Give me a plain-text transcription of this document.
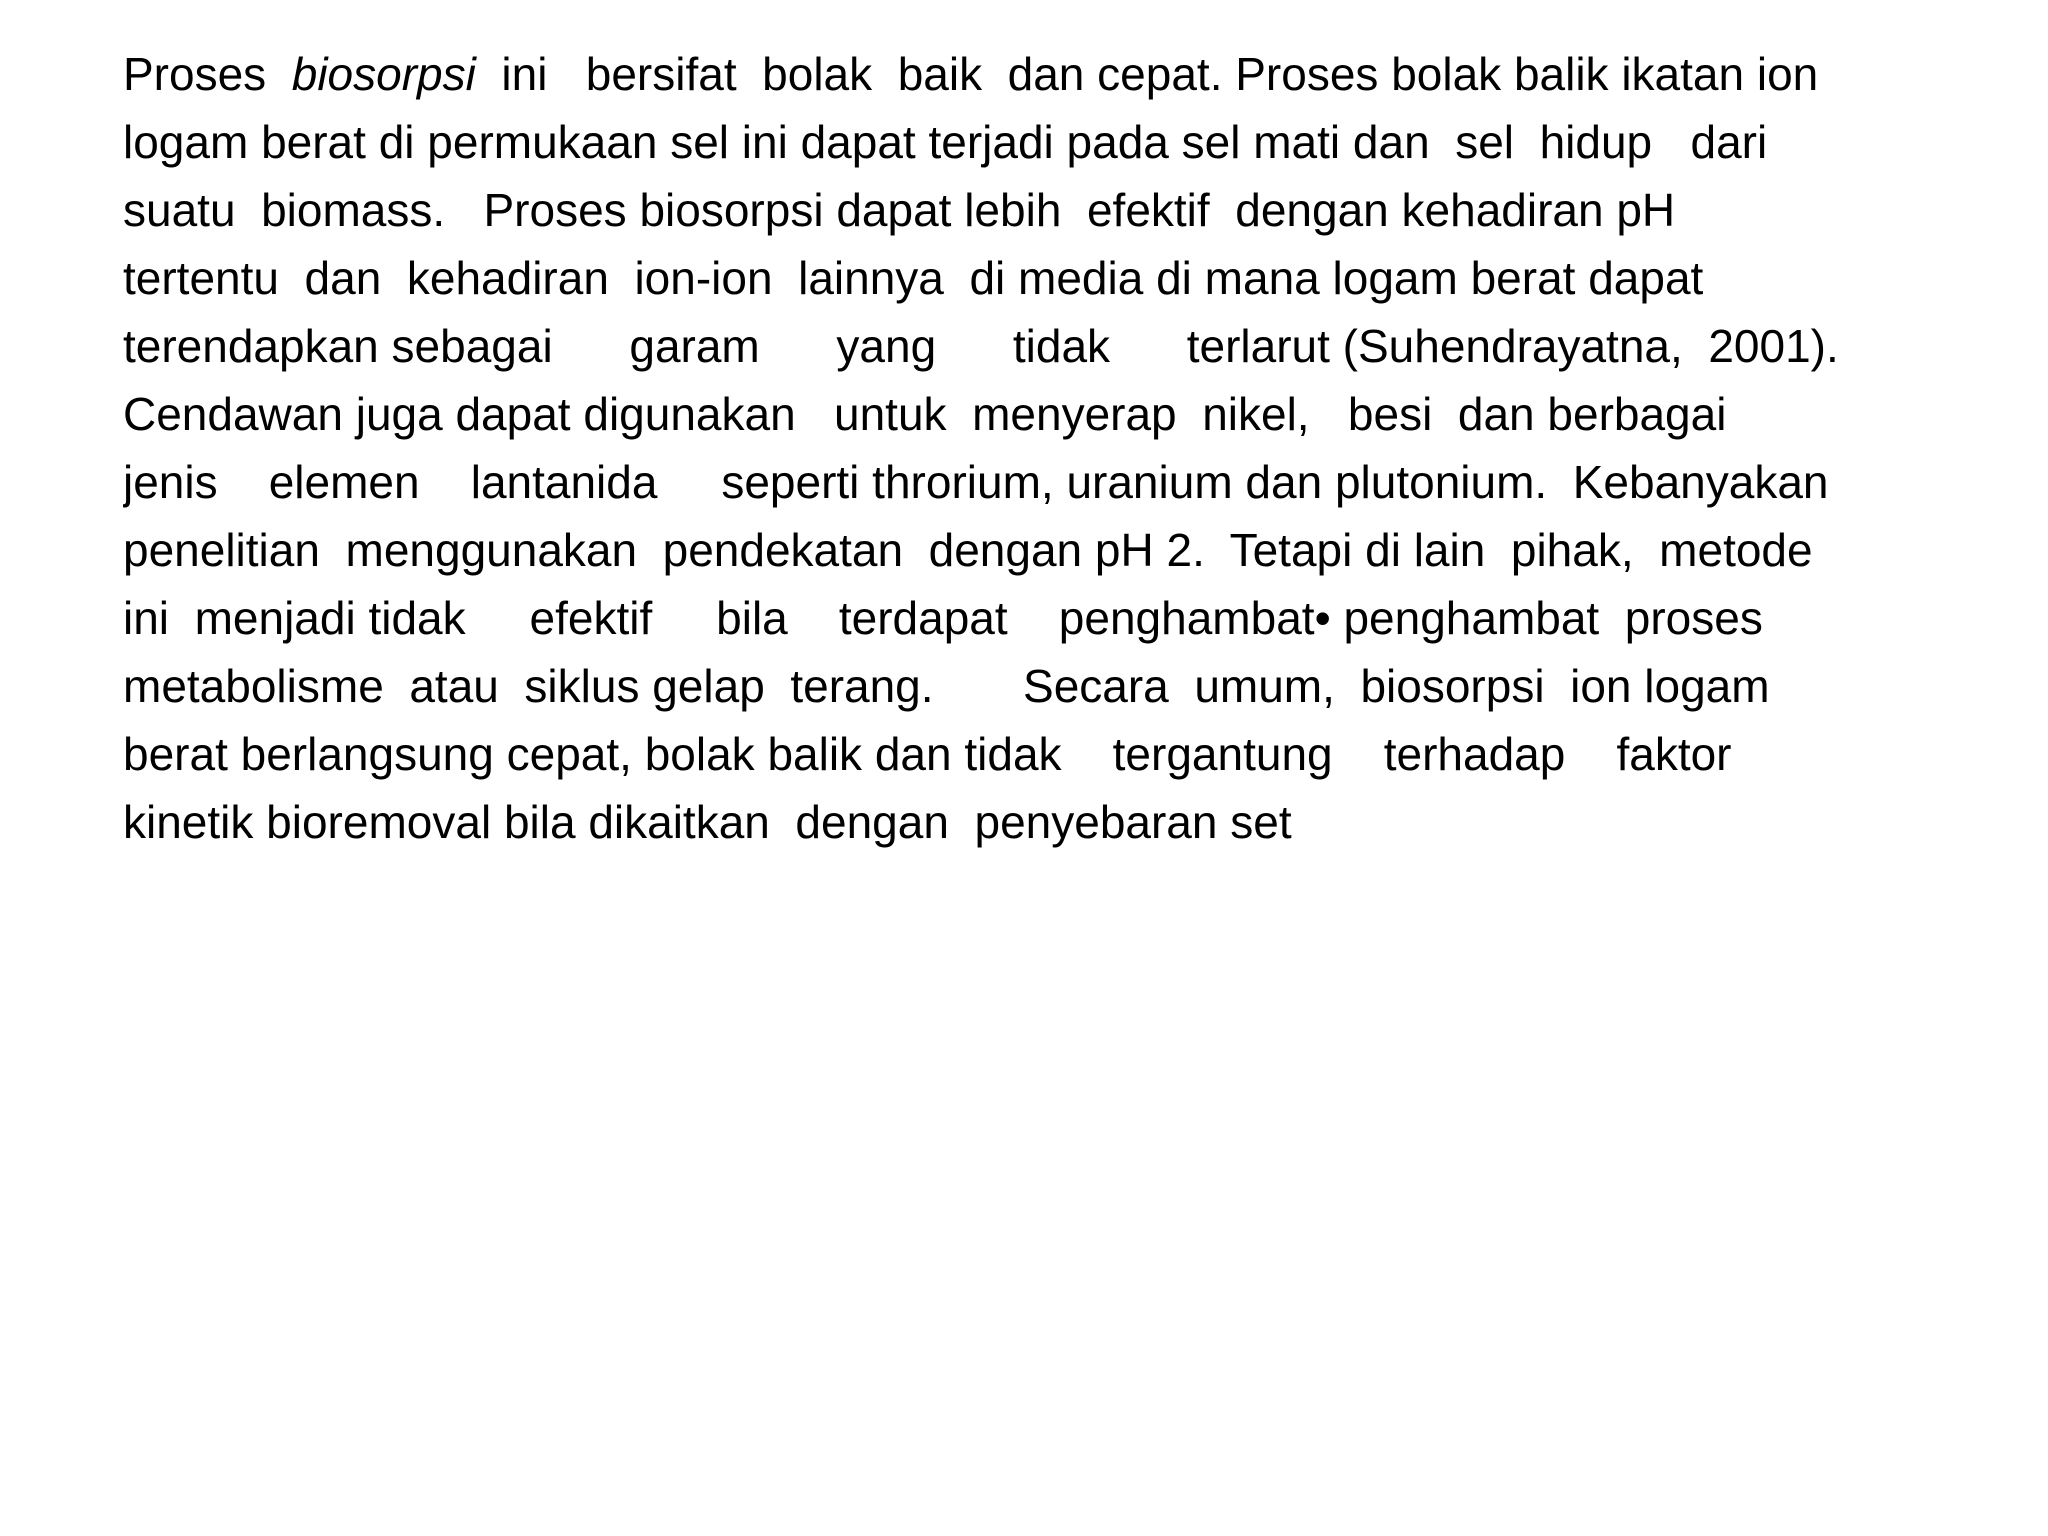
Proses  biosorpsi  ini   bersifat  bolak  baik  dan cepat. Proses bolak balik ikatan ion
logam berat di permukaan sel ini dapat terjadi pada sel mati dan  sel  hidup   dari
suatu  biomass.   Proses biosorpsi dapat lebih  efektif  dengan kehadiran pH
tertentu  dan  kehadiran  ion-ion  lainnya  di media di mana logam berat dapat
terendapkan sebagai      garam      yang      tidak      terlarut (Suhendrayatna,  2001).
Cendawan juga dapat digunakan   untuk  menyerap  nikel,   besi  dan berbagai
jenis    elemen    lantanida     seperti throrium, uranium dan plutonium.  Kebanyakan
penelitian  menggunakan  pendekatan  dengan pH 2.  Tetapi di lain  pihak,  metode
ini  menjadi tidak     efektif     bila    terdapat    penghambat• penghambat  proses
metabolisme  atau  siklus gelap  terang.       Secara  umum,  biosorpsi  ion logam
berat berlangsung cepat, bolak balik dan tidak    tergantung    terhadap    faktor
kinetik bioremoval bila dikaitkan  dengan  penyebaran set
